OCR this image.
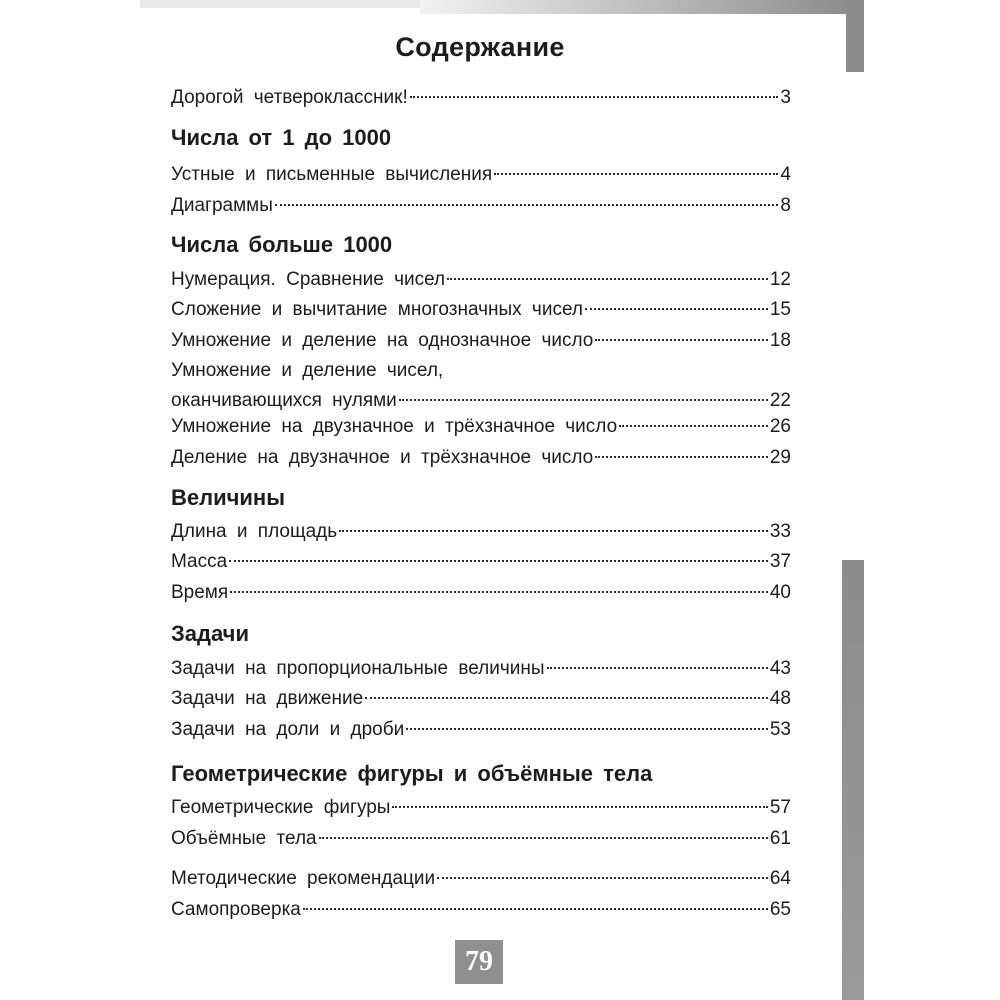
Содержание
Дорогой четвероклассник!	3
Числа от 1 до 1000
Устные и письменные вычисления	4
Диаграммы	8
Числа больше 1000
Нумерация. Сравнение чисел	12
Сложение и вычитание многозначных чисел	15
Умножение и деление на однозначное число	18
Умножение и деление чисел,
оканчивающихся нулями	22
Умножение на двузначное и трёхзначное число	26
Деление на двузначное и трёхзначное число	29
Величины
Длина и площадь	33
Масса	37
Время	40
Задачи
Задачи на пропорциональные величины	43
Задачи на движение	48
Задачи на доли и дроби	53
Геометрические фигуры и объёмные тела
Геометрические фигуры	57
Объёмные тела	61
Методические рекомендации	64
Самопроверка	65
79
